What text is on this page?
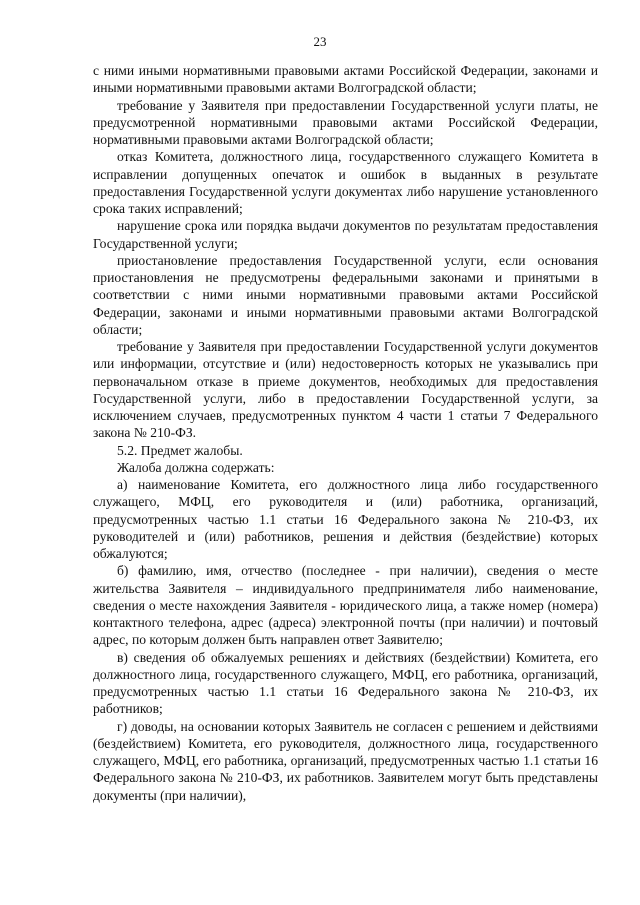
23

с ними иными нормативными правовыми актами Российской Федерации, законами и иными нормативными правовыми актами Волгоградской области;

требование у Заявителя при предоставлении Государственной услуги платы, не предусмотренной нормативными правовыми актами Российской Федерации, нормативными правовыми актами Волгоградской области;

отказ Комитета, должностного лица, государственного служащего Комитета в исправлении допущенных опечаток и ошибок в выданных в результате предоставления Государственной услуги документах либо нарушение установленного срока таких исправлений;

нарушение срока или порядка выдачи документов по результатам предоставления Государственной услуги;

приостановление предоставления Государственной услуги, если основания приостановления не предусмотрены федеральными законами и принятыми в соответствии с ними иными нормативными правовыми актами Российской Федерации, законами и иными нормативными правовыми актами Волгоградской области;

требование у Заявителя при предоставлении Государственной услуги документов или информации, отсутствие и (или) недостоверность которых не указывались при первоначальном отказе в приеме документов, необходимых для предоставления Государственной услуги, либо в предоставлении Государственной услуги, за исключением случаев, предусмотренных пунктом 4 части 1 статьи 7 Федерального закона № 210-ФЗ.

5.2. Предмет жалобы.

Жалоба должна содержать:

а) наименование Комитета, его должностного лица либо государственного служащего, МФЦ, его руководителя и (или) работника, организаций, предусмотренных частью 1.1 статьи 16 Федерального закона № 210-ФЗ, их руководителей и (или) работников, решения и действия (бездействие) которых обжалуются;

б) фамилию, имя, отчество (последнее - при наличии), сведения о месте жительства Заявителя – индивидуального предпринимателя либо наименование, сведения о месте нахождения Заявителя - юридического лица, а также номер (номера) контактного телефона, адрес (адреса) электронной почты (при наличии) и почтовый адрес, по которым должен быть направлен ответ Заявителю;

в) сведения об обжалуемых решениях и действиях (бездействии) Комитета, его должностного лица, государственного служащего, МФЦ, его работника, организаций, предусмотренных частью 1.1 статьи 16 Федерального закона № 210-ФЗ, их работников;

г) доводы, на основании которых Заявитель не согласен с решением и действиями (бездействием) Комитета, его руководителя, должностного лица, государственного служащего, МФЦ, его работника, организаций, предусмотренных частью 1.1 статьи 16 Федерального закона № 210-ФЗ, их работников. Заявителем могут быть представлены документы (при наличии),
